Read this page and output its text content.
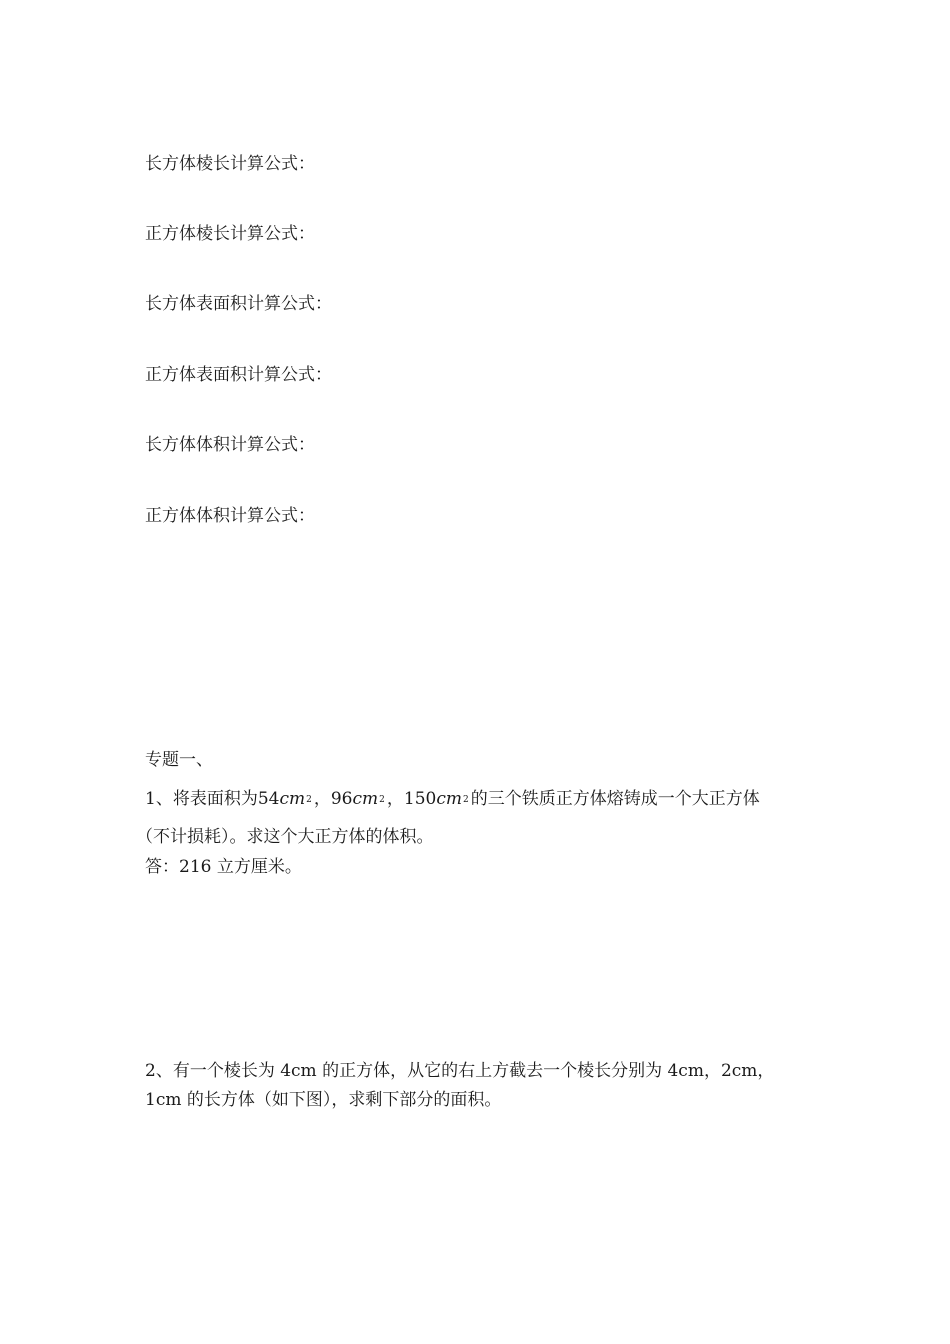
长方体棱长计算公式：

正方体棱长计算公式：

长方体表面积计算公式：

正方体表面积计算公式：

长方体体积计算公式：

正方体体积计算公式：

专题一、

1、将表面积为$54cm^2$ ，$96cm^2$ ，$150cm^2$ 的三个铁质正方体熔铸成一个大正方体

（不计损耗）。求这个大正方体的体积。

答：216 立方厘米。

2、有一个棱长为 4cm 的正方体，从它的右上方截去一个棱长分别为 4cm，2cm，

1cm 的长方体（如下图），求剩下部分的面积。
